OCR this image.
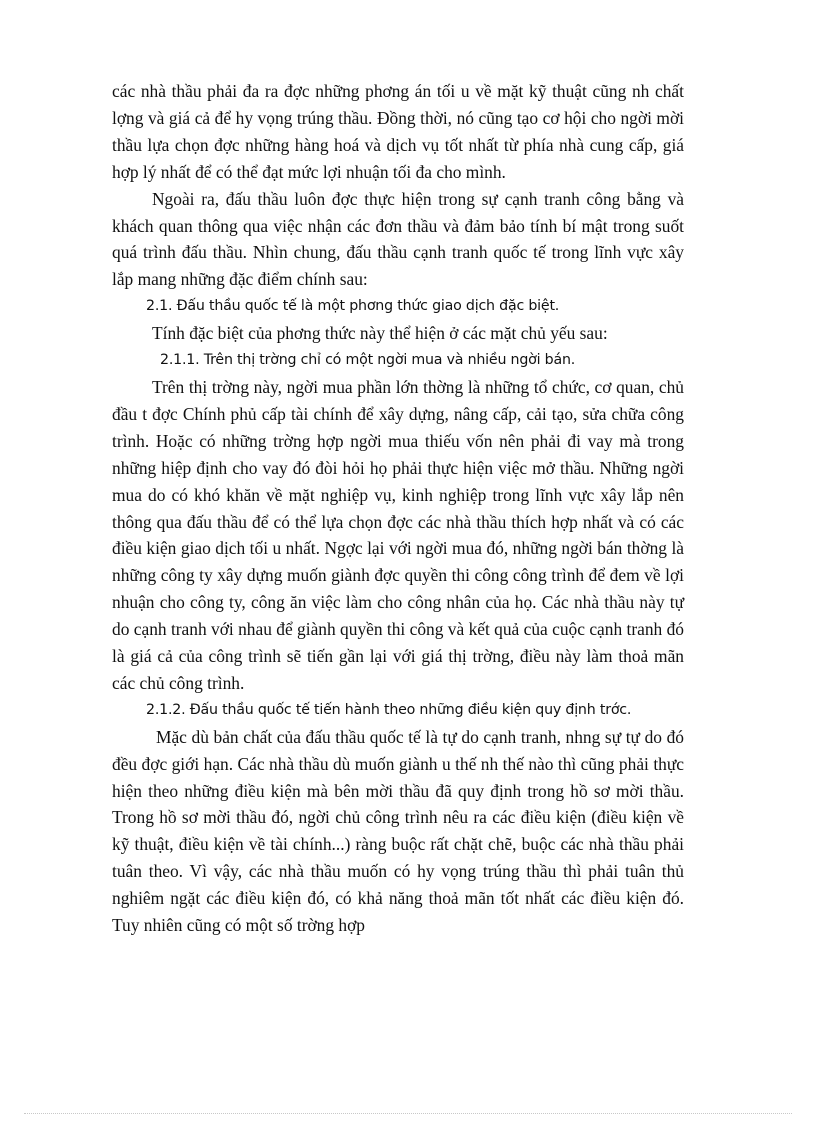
các nhà thầu phải đa ra đợc những phơng án tối u về mặt kỹ thuật cũng nh chất lợng và giá cả để hy vọng trúng thầu. Đồng thời, nó cũng tạo cơ hội cho ngời mời thầu lựa chọn đợc những hàng hoá và dịch vụ tốt nhất từ phía nhà cung cấp, giá hợp lý nhất để có thể đạt mức lợi nhuận tối đa cho mình.

Ngoài ra, đấu thầu luôn đợc thực hiện trong sự cạnh tranh công bằng và khách quan thông qua việc nhận các đơn thầu và đảm bảo tính bí mật trong suốt quá trình đấu thầu. Nhìn chung, đấu thầu cạnh tranh quốc tế trong lĩnh vực xây lắp mang những đặc điểm chính sau:

2.1. Đấu thầu quốc tế là một phơng thức giao dịch đặc biệt.

Tính đặc biệt của phơng thức này thể hiện ở các mặt chủ yếu sau:

2.1.1. Trên thị trờng chỉ có một ngời mua và nhiều ngời bán.

Trên thị trờng này, ngời mua phần lớn thờng là những tổ chức, cơ quan, chủ đầu t đợc Chính phủ cấp tài chính để xây dựng, nâng cấp, cải tạo, sửa chữa công trình. Hoặc có những trờng hợp ngời mua thiếu vốn nên phải đi vay mà trong những hiệp định cho vay đó đòi hỏi họ phải thực hiện việc mở thầu. Những ngời mua do có khó khăn về mặt nghiệp vụ, kinh nghiệp trong lĩnh vực xây lắp nên thông qua đấu thầu để có thể lựa chọn đợc các nhà thầu thích hợp nhất và có các điều kiện giao dịch tối u nhất. Ngợc lại với ngời mua đó, những ngời bán thờng là những công ty xây dựng muốn giành đợc quyền thi công công trình để đem về lợi nhuận cho công ty, công ăn việc làm cho công nhân của họ. Các nhà thầu này tự do cạnh tranh với nhau để giành quyền thi công và kết quả của cuộc cạnh tranh đó là giá cả của công trình sẽ tiến gần lại với giá thị trờng, điều này làm thoả mãn các chủ công trình.

2.1.2. Đấu thầu quốc tế tiến hành theo những điều kiện quy định trớc.

Mặc dù bản chất của đấu thầu quốc tế là tự do cạnh tranh, nhng sự tự do đó đều đợc giới hạn. Các nhà thầu dù muốn giành u thế nh thế nào thì cũng phải thực hiện theo những điều kiện mà bên mời thầu đã quy định trong hồ sơ mời thầu. Trong hồ sơ mời thầu đó, ngời chủ công trình nêu ra các điều kiện (điều kiện về kỹ thuật, điều kiện về tài chính...) ràng buộc rất chặt chẽ, buộc các nhà thầu phải tuân theo. Vì vậy, các nhà thầu muốn có hy vọng trúng thầu thì phải tuân thủ nghiêm ngặt các điều kiện đó, có khả năng thoả mãn tốt nhất các điều kiện đó. Tuy nhiên cũng có một số trờng hợp
